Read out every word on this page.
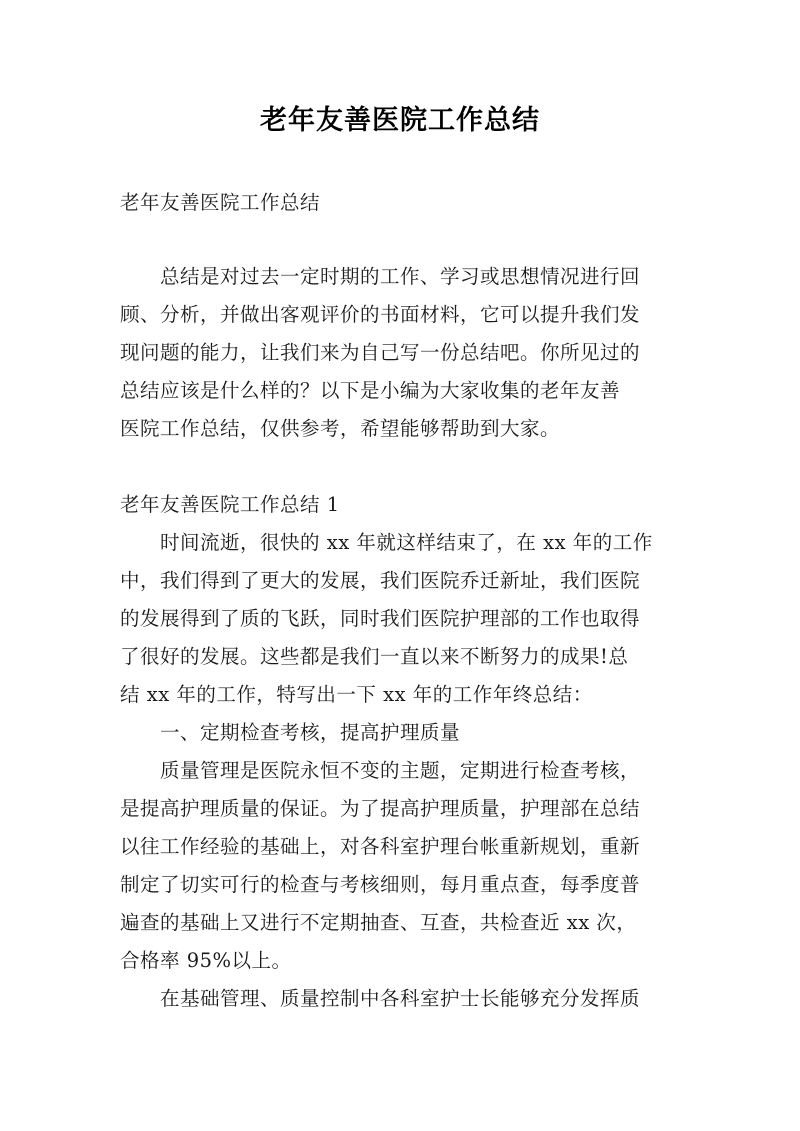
老年友善医院工作总结

老年友善医院工作总结

总结是对过去一定时期的工作、学习或思想情况进行回

顾、分析，并做出客观评价的书面材料，它可以提升我们发

现问题的能力，让我们来为自己写一份总结吧。你所见过的

总结应该是什么样的？以下是小编为大家收集的老年友善

医院工作总结，仅供参考，希望能够帮助到大家。

老年友善医院工作总结 1

时间流逝，很快的 xx 年就这样结束了，在 xx 年的工作

中，我们得到了更大的发展，我们医院乔迁新址，我们医院

的发展得到了质的飞跃，同时我们医院护理部的工作也取得

了很好的发展。这些都是我们一直以来不断努力的成果!总

结 xx 年的工作，特写出一下 xx 年的工作年终总结：

一、定期检查考核，提高护理质量

质量管理是医院永恒不变的主题，定期进行检查考核，

是提高护理质量的保证。为了提高护理质量，护理部在总结

以往工作经验的基础上，对各科室护理台帐重新规划，重新

制定了切实可行的检查与考核细则，每月重点查，每季度普

遍查的基础上又进行不定期抽查、互查，共检查近 xx 次，

合格率 95%以上。

在基础管理、质量控制中各科室护士长能够充分发挥质
